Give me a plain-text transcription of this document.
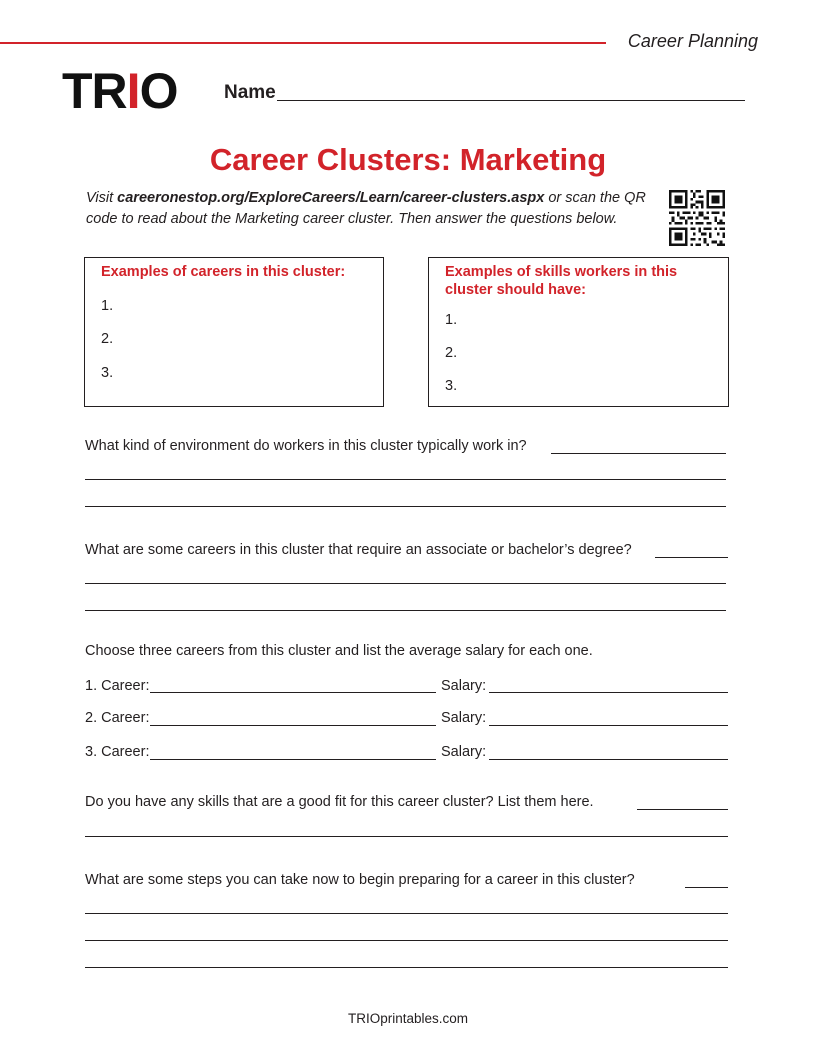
Career Planning
TRIO Name
Career Clusters: Marketing
Visit careeronestop.org/ExploreCareers/Learn/career-clusters.aspx or scan the QR code to read about the Marketing career cluster. Then answer the questions below.
Examples of careers in this cluster:
1.
2.
3.
Examples of skills workers in this
cluster should have:
1.
2.
3.
What kind of environment do workers in this cluster typically work in?
What are some careers in this cluster that require an associate or bachelor’s degree?
Choose three careers from this cluster and list the average salary for each one.
1. Career:	Salary:
2. Career:	Salary:
3. Career:	Salary:
Do you have any skills that are a good fit for this career cluster? List them here.
What are some steps you can take now to begin preparing for a career in this cluster?
TRIOprintables.com
